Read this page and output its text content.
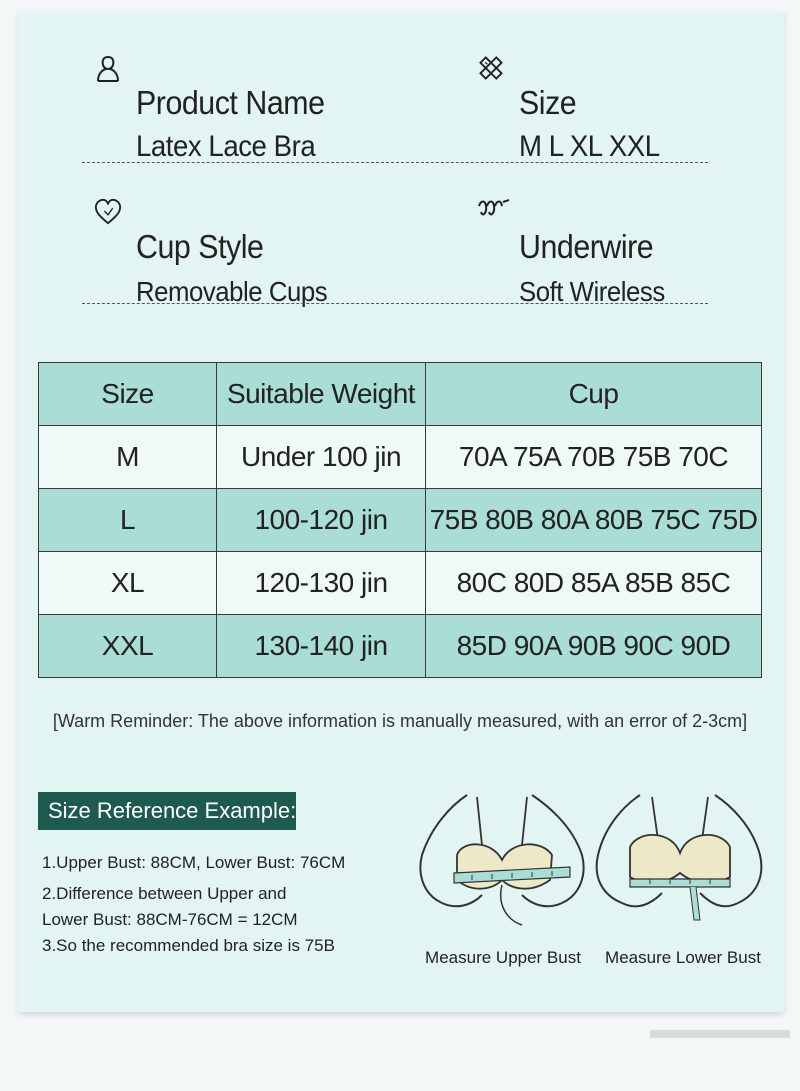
Product Name
Latex Lace Bra
Size
M L XL XXL
Cup Style
Removable Cups
Underwire
Soft Wireless
Size	Suitable Weight	Cup
M	Under 100 jin	70A 75A 70B 75B 70C
L	100-120 jin	75B 80B 80A 80B 75C 75D
XL	120-130 jin	80C 80D 85A 85B 85C
XXL	130-140 jin	85D 90A 90B 90C 90D
[Warm Reminder: The above information is manually measured, with an error of 2-3cm]
Size Reference Example:
1.Upper Bust: 88CM, Lower Bust: 76CM
2.Difference between Upper and
Lower Bust: 88CM-76CM = 12CM
3.So the recommended bra size is 75B
Measure Upper Bust	Measure Lower Bust
